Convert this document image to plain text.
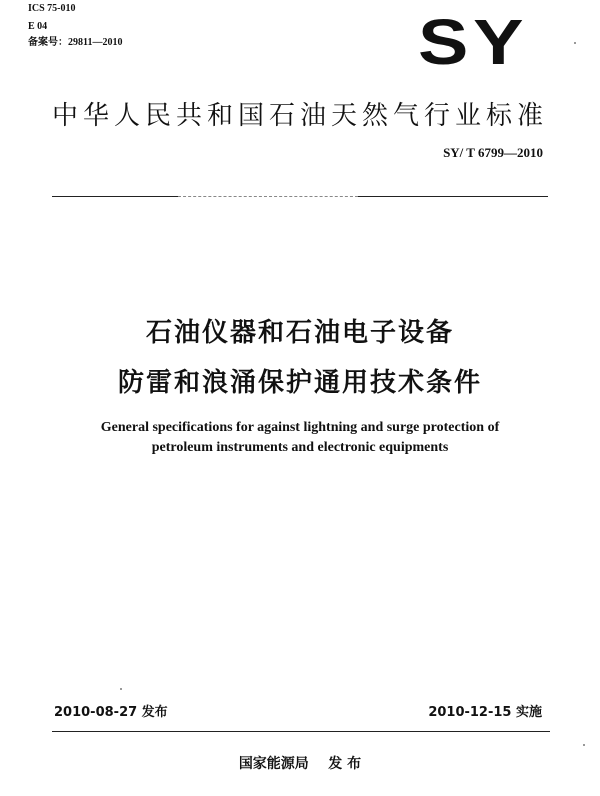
ICS 75-010
E 04
备案号：29811—2010	SY
中华人民共和国石油天然气行业标准
SY/ T 6799—2010
石油仪器和石油电子设备
防雷和浪涌保护通用技术条件
General specifications for against lightning and surge protection of
petroleum instruments and electronic equipments
2010-08-27 发布	2010-12-15 实施
国家能源局    发 布
